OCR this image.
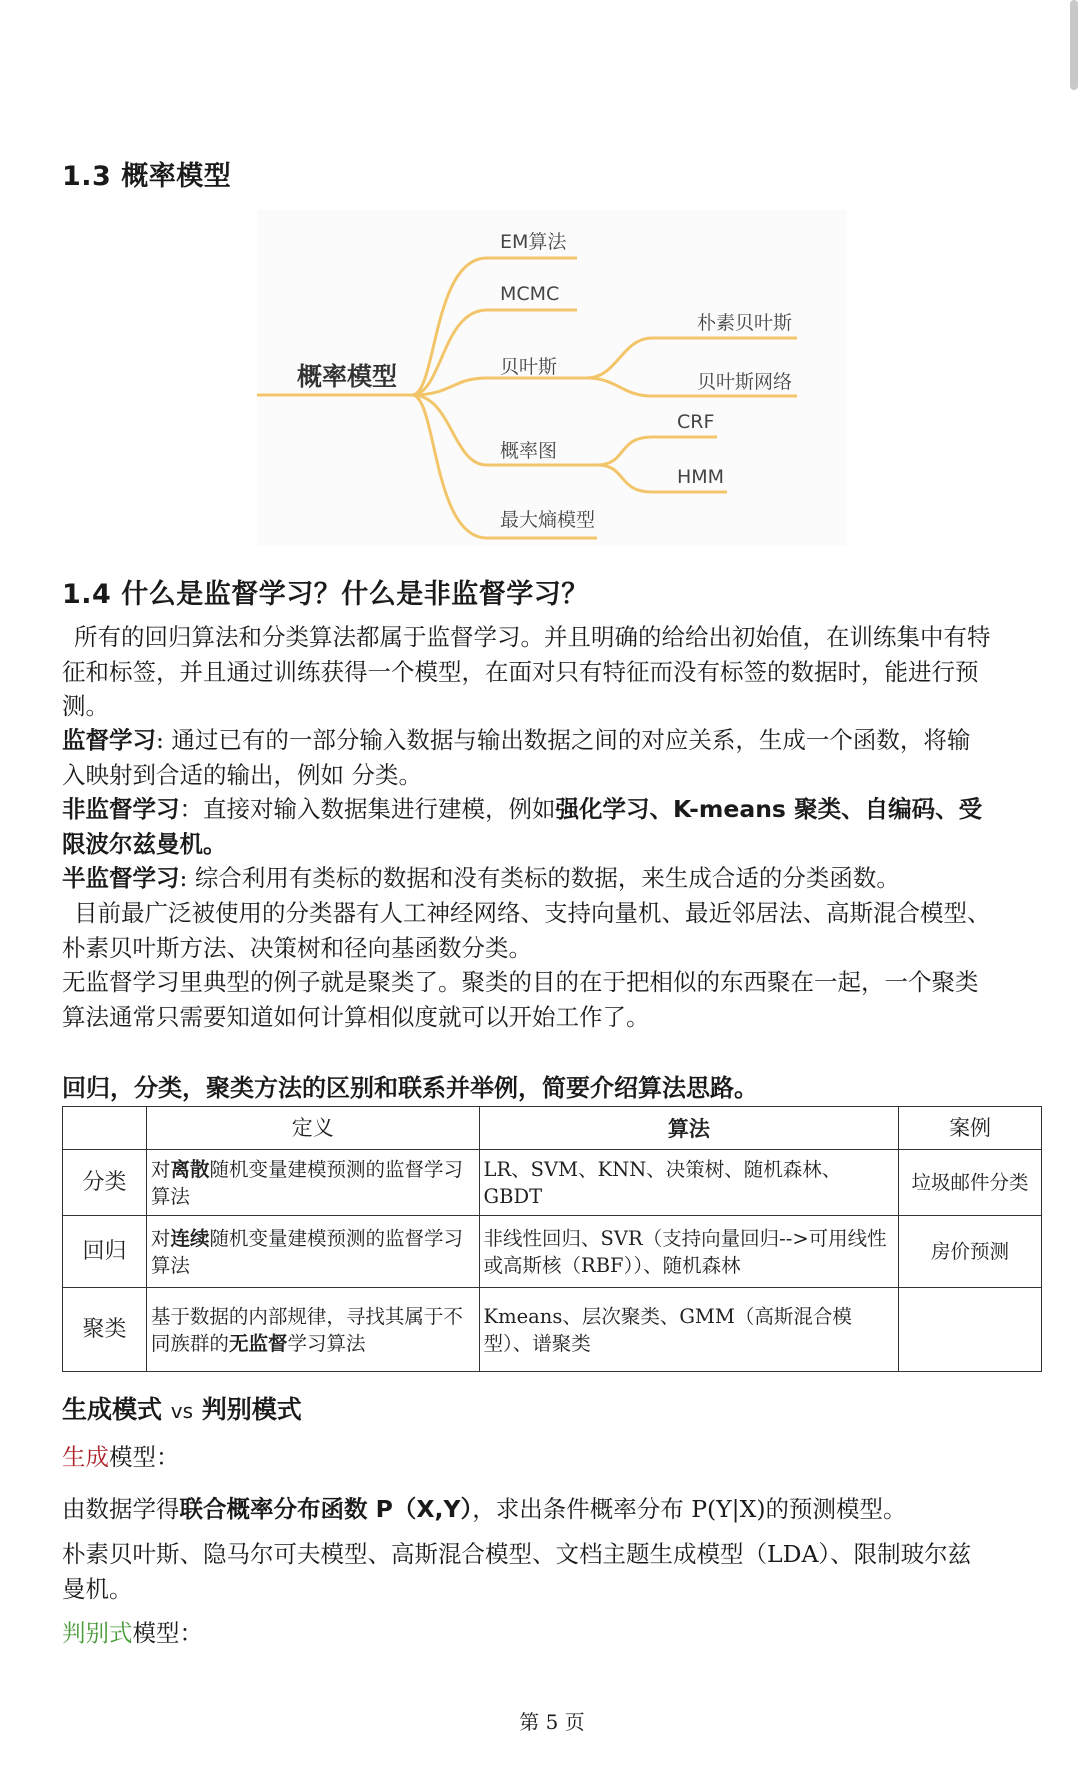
1.3 概率模型
概率模型
EM算法
MCMC
贝叶斯
概率图
最大熵模型
朴素贝叶斯
贝叶斯网络
CRF
HMM
1.4 什么是监督学习？什么是非监督学习？
所有的回归算法和分类算法都属于监督学习。并且明确的给给出初始值，在训练集中有特征和标签，并且通过训练获得一个模型，在面对只有特征而没有标签的数据时，能进行预测。
监督学习: 通过已有的一部分输入数据与输出数据之间的对应关系，生成一个函数，将输入映射到合适的输出，例如 分类。
非监督学习：直接对输入数据集进行建模，例如强化学习、K-means 聚类、自编码、受限波尔兹曼机。
半监督学习: 综合利用有类标的数据和没有类标的数据，来生成合适的分类函数。
目前最广泛被使用的分类器有人工神经网络、支持向量机、最近邻居法、高斯混合模型、朴素贝叶斯方法、决策树和径向基函数分类。
无监督学习里典型的例子就是聚类了。聚类的目的在于把相似的东西聚在一起，一个聚类算法通常只需要知道如何计算相似度就可以开始工作了。
回归，分类，聚类方法的区别和联系并举例，简要介绍算法思路。
	定义	算法	案例
分类	对离散随机变量建模预测的监督学习算法	LR、SVM、KNN、决策树、随机森林、GBDT	垃圾邮件分类
回归	对连续随机变量建模预测的监督学习算法	非线性回归、SVR（支持向量回归-->可用线性或高斯核（RBF））、随机森林	房价预测
聚类	基于数据的内部规律，寻找其属于不同族群的无监督学习算法	Kmeans、层次聚类、GMM（高斯混合模型）、谱聚类	
生成模式 vs 判别模式
生成模型：
由数据学得联合概率分布函数 P（X,Y），求出条件概率分布 P(Y|X)的预测模型。
朴素贝叶斯、隐马尔可夫模型、高斯混合模型、文档主题生成模型（LDA）、限制玻尔兹曼机。
判别式模型：
第 5 页
